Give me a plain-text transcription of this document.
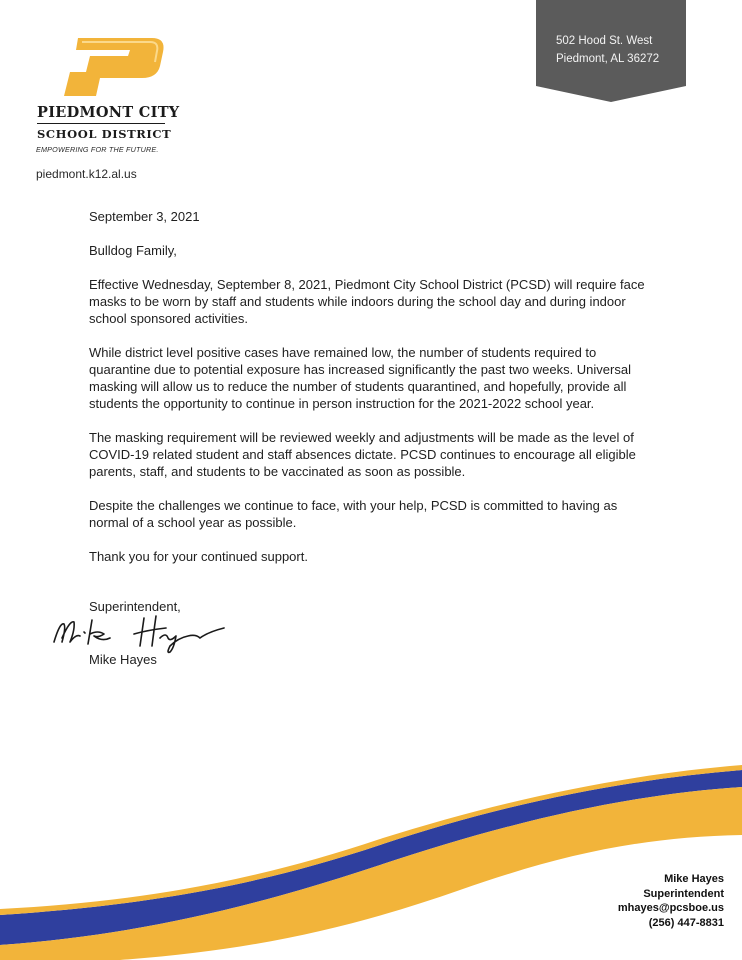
PIEDMONT CITY
SCHOOL DISTRICT
EMPOWERING FOR THE FUTURE.
piedmont.k12.al.us
502 Hood St. West
Piedmont, AL 36272

September 3, 2021

Bulldog Family,

Effective Wednesday, September 8, 2021, Piedmont City School District (PCSD) will require face masks to be worn by staff and students while indoors during the school day and during indoor school sponsored activities.

While district level positive cases have remained low, the number of students required to quarantine due to potential exposure has increased significantly the past two weeks. Universal masking will allow us to reduce the number of students quarantined, and hopefully, provide all students the opportunity to continue in person instruction for the 2021-2022 school year.

The masking requirement will be reviewed weekly and adjustments will be made as the level of COVID-19 related student and staff absences dictate. PCSD continues to encourage all eligible parents, staff, and students to be vaccinated as soon as possible.

Despite the challenges we continue to face, with your help, PCSD is committed to having as normal of a school year as possible.

Thank you for your continued support.

Superintendent,
Mike Hayes
Mike Hayes
Superintendent
mhayes@pcsboe.us
(256) 447-8831
